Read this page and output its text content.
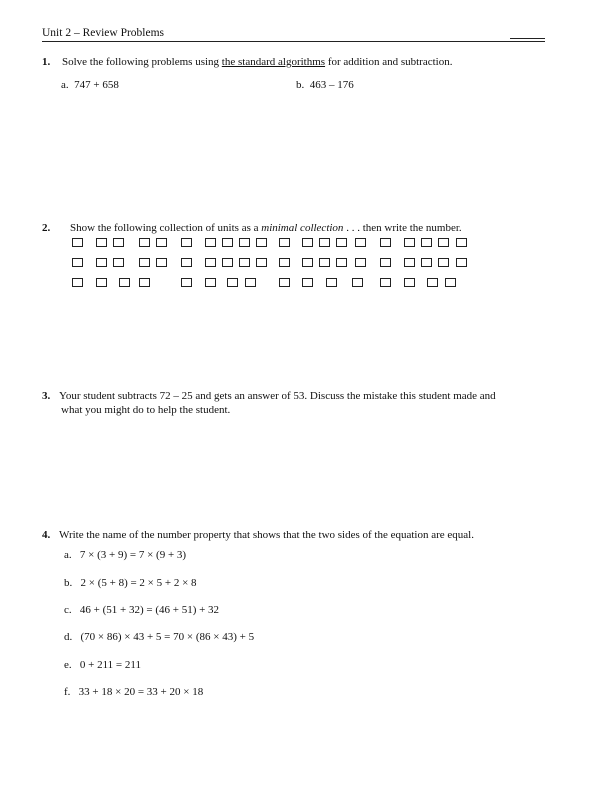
Unit 2 – Review Problems
1. Solve the following problems using the standard algorithms for addition and subtraction.
a. 747 + 658	b. 463 – 176
2. Show the following collection of units as a minimal collection . . . then write the number.
3. Your student subtracts 72 – 25 and gets an answer of 53. Discuss the mistake this student made and
what you might do to help the student.
4. Write the name of the number property that shows that the two sides of the equation are equal.
a. 7 × (3 + 9) = 7 × (9 + 3)
b. 2 × (5 + 8) = 2 × 5 + 2 × 8
c. 46 + (51 + 32) = (46 + 51) + 32
d. (70 × 86) × 43 + 5 = 70 × (86 × 43) + 5
e. 0 + 211 = 211
f. 33 + 18 × 20 = 33 + 20 × 18
